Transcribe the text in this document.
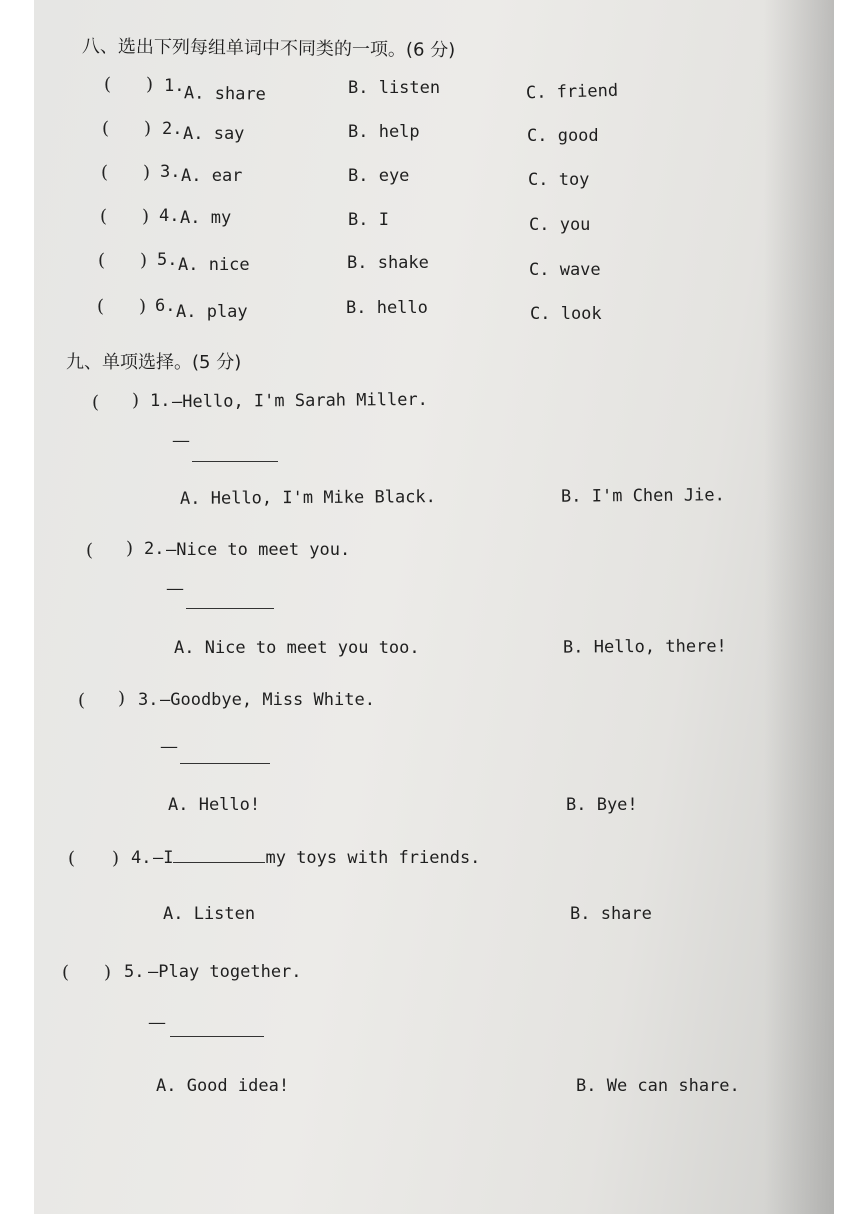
八、选出下列每组单词中不同类的一项。(6 分)
( ) 1. A. share	B. listen	C. friend
( ) 2. A. say	B. help	C. good
( ) 3. A. ear	B. eye	C. toy
( ) 4. A. my	B. I	C. you
( ) 5. A. nice	B. shake	C. wave
( ) 6. A. play	B. hello	C. look
九、单项选择。(5 分)
( ) 1. —Hello, I'm Sarah Miller.
—
A. Hello, I'm Mike Black.	B. I'm Chen Jie.
( ) 2. —Nice to meet you.
—
A. Nice to meet you too.	B. Hello, there!
( ) 3. —Goodbye, Miss White.
—
A. Hello!	B. Bye!
( ) 4. —I	my toys with friends.
A. Listen	B. share
( ) 5. —Play together.
—
A. Good idea!	B. We can share.
